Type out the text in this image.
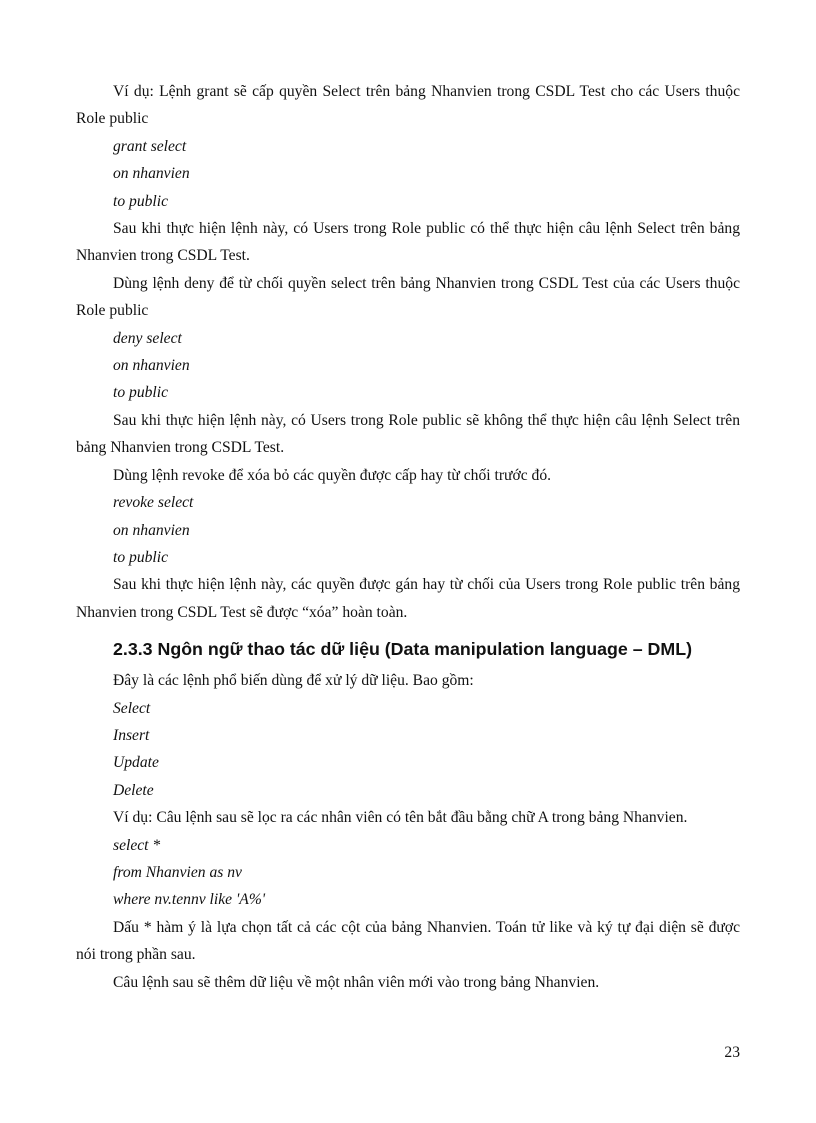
Ví dụ: Lệnh grant sẽ cấp quyền Select trên bảng Nhanvien trong CSDL Test cho các Users thuộc Role public

grant select

on nhanvien

to public

Sau khi thực hiện lệnh này, có Users trong Role public có thể thực hiện câu lệnh Select trên bảng Nhanvien trong CSDL Test.

Dùng lệnh deny để từ chối quyền select trên bảng Nhanvien trong CSDL Test của các Users thuộc Role public

deny select

on nhanvien

to public

Sau khi thực hiện lệnh này, có Users trong Role public sẽ không thể thực hiện câu lệnh Select trên bảng Nhanvien trong CSDL Test.

Dùng lệnh revoke để xóa bỏ các quyền được cấp hay từ chối trước đó.

revoke select

on nhanvien

to public

Sau khi thực hiện lệnh này, các quyền được gán hay từ chối của Users trong Role public trên bảng Nhanvien trong CSDL Test sẽ được “xóa” hoàn toàn.

2.3.3 Ngôn ngữ thao tác dữ liệu (Data manipulation language – DML)

Đây là các lệnh phổ biến dùng để xử lý dữ liệu. Bao gồm:

Select

Insert

Update

Delete

Ví dụ: Câu lệnh sau sẽ lọc ra các nhân viên có tên bắt đầu bằng chữ A trong bảng Nhanvien.

select *

from Nhanvien as nv

where nv.tennv like 'A%'

Dấu * hàm ý là lựa chọn tất cả các cột của bảng Nhanvien. Toán tử like và ký tự đại diện sẽ được nói trong phần sau.

Câu lệnh sau sẽ thêm dữ liệu về một nhân viên mới vào trong bảng Nhanvien.

23
